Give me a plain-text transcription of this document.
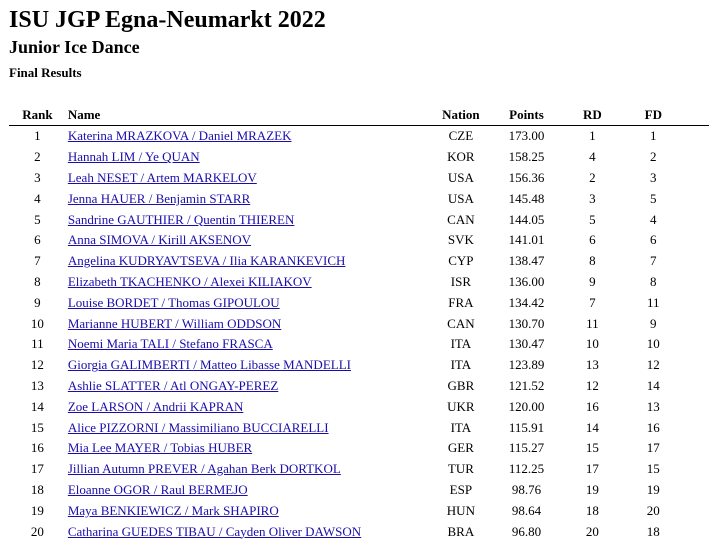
ISU JGP Egna-Neumarkt 2022
Junior Ice Dance
Final Results
Rank	Name	Nation	Points	RD	FD
1	Katerina MRAZKOVA / Daniel MRAZEK	CZE	173.00	1	1
2	Hannah LIM / Ye QUAN	KOR	158.25	4	2
3	Leah NESET / Artem MARKELOV	USA	156.36	2	3
4	Jenna HAUER / Benjamin STARR	USA	145.48	3	5
5	Sandrine GAUTHIER / Quentin THIEREN	CAN	144.05	5	4
6	Anna SIMOVA / Kirill AKSENOV	SVK	141.01	6	6
7	Angelina KUDRYAVTSEVA / Ilia KARANKEVICH	CYP	138.47	8	7
8	Elizabeth TKACHENKO / Alexei KILIAKOV	ISR	136.00	9	8
9	Louise BORDET / Thomas GIPOULOU	FRA	134.42	7	11
10	Marianne HUBERT / William ODDSON	CAN	130.70	11	9
11	Noemi Maria TALI / Stefano FRASCA	ITA	130.47	10	10
12	Giorgia GALIMBERTI / Matteo Libasse MANDELLI	ITA	123.89	13	12
13	Ashlie SLATTER / Atl ONGAY-PEREZ	GBR	121.52	12	14
14	Zoe LARSON / Andrii KAPRAN	UKR	120.00	16	13
15	Alice PIZZORNI / Massimiliano BUCCIARELLI	ITA	115.91	14	16
16	Mia Lee MAYER / Tobias HUBER	GER	115.27	15	17
17	Jillian Autumn PREVER / Agahan Berk DORTKOL	TUR	112.25	17	15
18	Eloanne OGOR / Raul BERMEJO	ESP	98.76	19	19
19	Maya BENKIEWICZ / Mark SHAPIRO	HUN	98.64	18	20
20	Catharina GUEDES TIBAU / Cayden Oliver DAWSON	BRA	96.80	20	18
